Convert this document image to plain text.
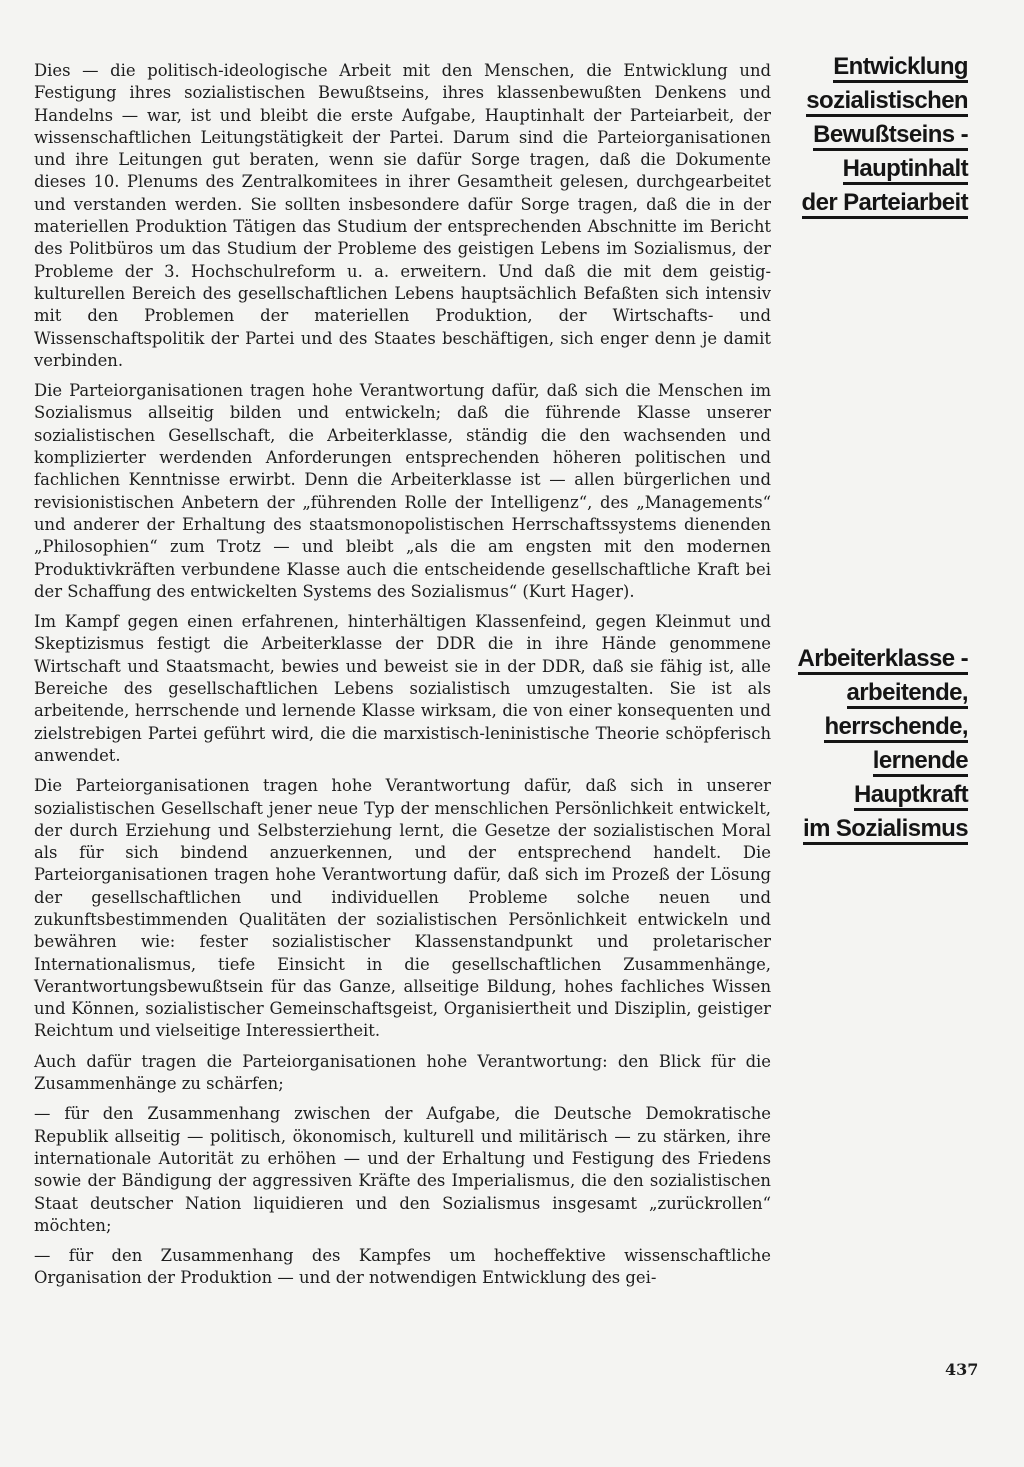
Dies — die politisch-ideologische Arbeit mit den Menschen, die Entwicklung und Festigung ihres sozialistischen Bewußtseins, ihres klassenbewußten Denkens und Handelns — war, ist und bleibt die erste Aufgabe, Hauptinhalt der Parteiarbeit, der wissenschaftlichen Leitungstätigkeit der Partei. Darum sind die Parteiorganisationen und ihre Leitungen gut beraten, wenn sie dafür Sorge tragen, daß die Dokumente dieses 10. Plenums des Zentralkomitees in ihrer Gesamtheit gelesen, durchgearbeitet und verstanden werden. Sie sollten insbesondere dafür Sorge tragen, daß die in der materiellen Produktion Tätigen das Studium der entsprechenden Abschnitte im Bericht des Politbüros um das Studium der Probleme des geistigen Lebens im Sozialismus, der Probleme der 3. Hochschulreform u. a. erweitern. Und daß die mit dem geistig-kulturellen Bereich des gesellschaftlichen Lebens hauptsächlich Befaßten sich intensiv mit den Problemen der materiellen Produktion, der Wirtschafts- und Wissenschaftspolitik der Partei und des Staates beschäftigen, sich enger denn je damit verbinden.

Die Parteiorganisationen tragen hohe Verantwortung dafür, daß sich die Menschen im Sozialismus allseitig bilden und entwickeln; daß die führende Klasse unserer sozialistischen Gesellschaft, die Arbeiterklasse, ständig die den wachsenden und komplizierter werdenden Anforderungen entsprechenden höheren politischen und fachlichen Kenntnisse erwirbt. Denn die Arbeiterklasse ist — allen bürgerlichen und revisionistischen Anbetern der „führenden Rolle der Intelligenz“, des „Managements“ und anderer der Erhaltung des staatsmonopolistischen Herrschaftssystems dienenden „Philosophien“ zum Trotz — und bleibt „als die am engsten mit den modernen Produktivkräften verbundene Klasse auch die entscheidende gesellschaftliche Kraft bei der Schaffung des entwickelten Systems des Sozialismus“ (Kurt Hager).

Im Kampf gegen einen erfahrenen, hinterhältigen Klassenfeind, gegen Kleinmut und Skeptizismus festigt die Arbeiterklasse der DDR die in ihre Hände genommene Wirtschaft und Staatsmacht, bewies und beweist sie in der DDR, daß sie fähig ist, alle Bereiche des gesellschaftlichen Lebens sozialistisch umzugestalten. Sie ist als arbeitende, herrschende und lernende Klasse wirksam, die von einer konsequenten und zielstrebigen Partei geführt wird, die die marxistisch-leninistische Theorie schöpferisch anwendet.

Die Parteiorganisationen tragen hohe Verantwortung dafür, daß sich in unserer sozialistischen Gesellschaft jener neue Typ der menschlichen Persönlichkeit entwickelt, der durch Erziehung und Selbsterziehung lernt, die Gesetze der sozialistischen Moral als für sich bindend anzuerkennen, und der entsprechend handelt. Die Parteiorganisationen tragen hohe Verantwortung dafür, daß sich im Prozeß der Lösung der gesellschaftlichen und individuellen Probleme solche neuen und zukunftsbestimmenden Qualitäten der sozialistischen Persönlichkeit entwickeln und bewähren wie: fester sozialistischer Klassenstandpunkt und proletarischer Internationalismus, tiefe Einsicht in die gesellschaftlichen Zusammenhänge, Verantwortungsbewußtsein für das Ganze, allseitige Bildung, hohes fachliches Wissen und Können, sozialistischer Gemeinschaftsgeist, Organisiertheit und Disziplin, geistiger Reichtum und vielseitige Interessiertheit.

Auch dafür tragen die Parteiorganisationen hohe Verantwortung: den Blick für die Zusammenhänge zu schärfen;

— für den Zusammenhang zwischen der Aufgabe, die Deutsche Demokratische Republik allseitig — politisch, ökonomisch, kulturell und militärisch — zu stärken, ihre internationale Autorität zu erhöhen — und der Erhaltung und Festigung des Friedens sowie der Bändigung der aggressiven Kräfte des Imperialismus, die den sozialistischen Staat deutscher Nation liquidieren und den Sozialismus insgesamt „zurückrollen“ möchten;

— für den Zusammenhang des Kampfes um hocheffektive wissenschaftliche Organisation der Produktion — und der notwendigen Entwicklung des gei-

Entwicklung
sozialistischen
Bewußtseins -
Hauptinhalt
der Parteiarbeit
Arbeiterklasse -
arbeitende,
herrschende,
lernende
Hauptkraft
im Sozialismus
437
